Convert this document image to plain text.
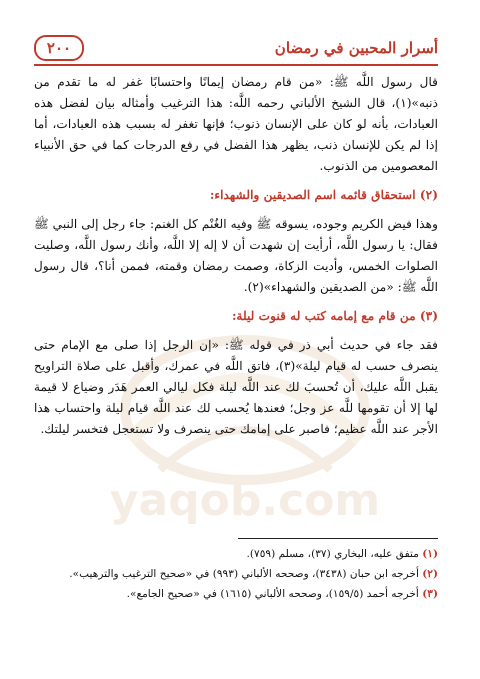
٢٠٠	أسرار المحبين في رمضان
yaqob.com

قال رسول اللَّه ﷺ: «من قام رمضان إيمانًا واحتسابًا غفر له ما تقدم من ذنبه»(١)، قال الشيخ الألباني رحمه اللَّه: هذا الترغيب وأمثاله بيان لفضل هذه العبادات، بأنه لو كان على الإنسان ذنوب؛ فإنها تغفر له بسبب هذه العبادات، أما إذا لم يكن للإنسان ذنب، يظهر هذا الفضل في رفع الدرجات كما في حق الأنبياء المعصومين من الذنوب.

(٢) استحقاق قائمه اسم الصديقين والشهداء:

وهذا فيض الكريم وجوده، يسوقه ﷺ وفيه الغُنْم كل الغنم: جاء رجل إلى النبي ﷺ فقال: يا رسول اللَّه، أرأيت إن شهدت أن لا إله إلا اللَّه، وأنك رسول اللَّه، وصليت الصلوات الخمس، وأديت الزكاة، وصمت رمضان وقمته، فممن أنا؟، قال رسول اللَّه ﷺ: «من الصديقين والشهداء»(٢).

(٣) من قام مع إمامه كتب له قنوت ليلة:

فقد جاء في حديث أبي ذر في قوله ﷺ: «إن الرجل إذا صلى مع الإمام حتى ينصرف حسب له قيام ليلة»(٣)، فاتق اللَّه في عمرك، وأقبل على صلاة التراويح يقبل اللَّه عليك، أن تُحسبَ لك عند اللَّه ليلة فكل ليالي العمر هَدَر وضياع لا قيمة لها إلا أن تقومها للَّه عز وجل؛ فعندها يُحسب لك عند اللَّه قيام ليلة واحتساب هذا الأجر عند اللَّه عظيم؛ فاصبر على إمامك حتى ينصرف ولا تستعجل فتخسر ليلتك.

(١) متفق عليه، البخاري (٣٧)، مسلم (٧٥٩).

(٢) أخرجه ابن حبان (٣٤٣٨)، وصححه الألباني (٩٩٣) في «صحيح الترغيب والترهيب».

(٣) أخرجه أحمد (١٥٩/٥)، وصححه الألباني (١٦١٥) في «صحيح الجامع».
